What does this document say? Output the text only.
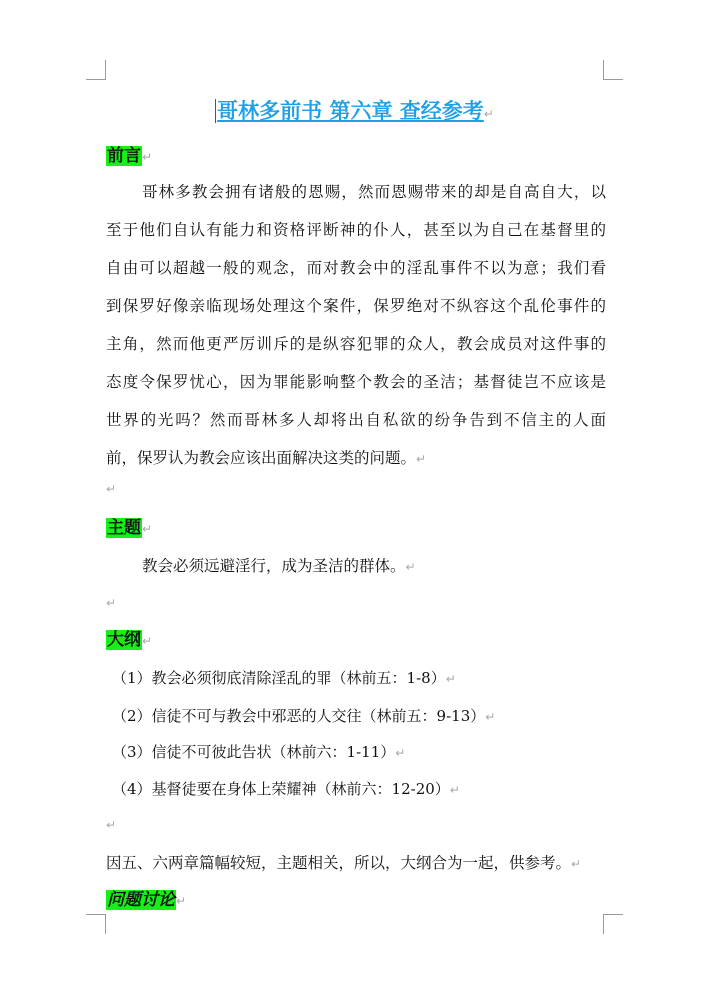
哥林多前书 第六章 查经参考↵
前言↵
哥林多教会拥有诸般的恩赐，然而恩赐带来的却是自高自大，以
至于他们自认有能力和资格评断神的仆人，甚至以为自己在基督里的
自由可以超越一般的观念，而对教会中的淫乱事件不以为意；我们看
到保罗好像亲临现场处理这个案件，保罗绝对不纵容这个乱伦事件的
主角，然而他更严厉训斥的是纵容犯罪的众人，教会成员对这件事的
态度令保罗忧心，因为罪能影响整个教会的圣洁；基督徒岂不应该是
世界的光吗？然而哥林多人却将出自私欲的纷争告到不信主的人面
前，保罗认为教会应该出面解决这类的问题。↵
↵
主题↵
教会必须远避淫行，成为圣洁的群体。↵
↵
大纲↵
（1）教会必须彻底清除淫乱的罪（林前五：1-8）↵
（2）信徒不可与教会中邪恶的人交往（林前五：9-13）↵
（3）信徒不可彼此告状（林前六：1-11）↵
（4）基督徒要在身体上荣耀神（林前六：12-20）↵
↵
因五、六两章篇幅较短，主题相关，所以，大纲合为一起，供参考。↵
问题讨论↵
